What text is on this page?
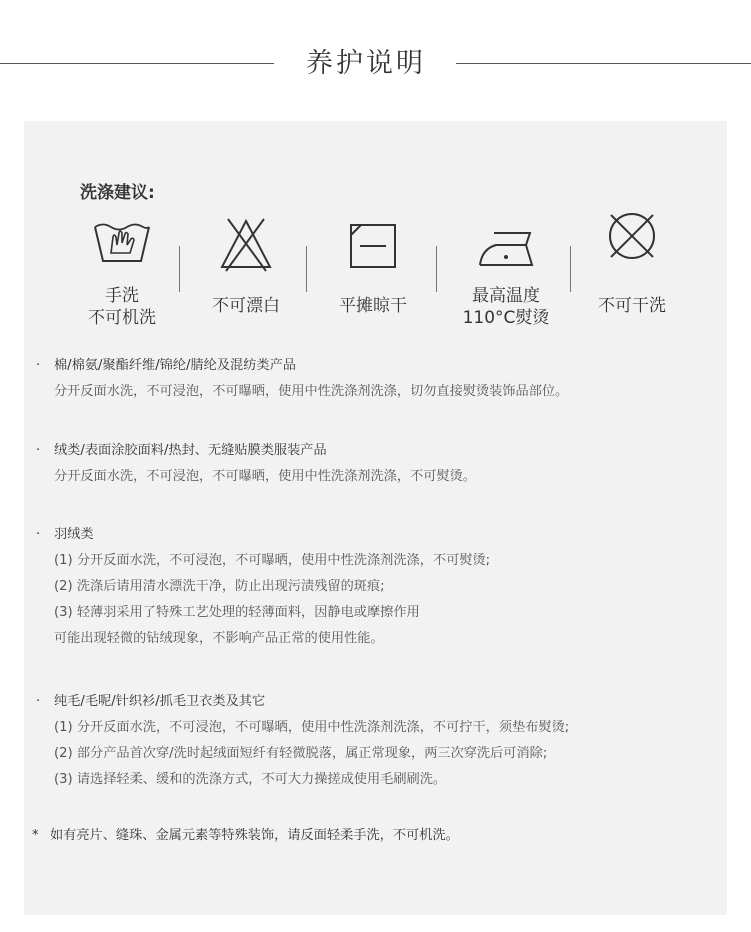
养护说明
洗涤建议:
手洗
不可机洗
不可漂白	平摊晾干	最高温度
110°C熨烫
不可干洗
· 棉/棉氨/聚酯纤维/锦纶/腈纶及混纺类产品
分开反面水洗，不可浸泡，不可曝晒，使用中性洗涤剂洗涤，切勿直接熨烫装饰品部位。
· 绒类/表面涂胶面料/热封、无缝贴膜类服装产品
分开反面水洗，不可浸泡，不可曝晒，使用中性洗涤剂洗涤，不可熨烫。
· 羽绒类
(1) 分开反面水洗，不可浸泡，不可曝晒，使用中性洗涤剂洗涤，不可熨烫;
(2) 洗涤后请用清水漂洗干净，防止出现污渍残留的斑痕;
(3) 轻薄羽采用了特殊工艺处理的轻薄面料，因静电或摩擦作用
可能出现轻微的钻绒现象，不影响产品正常的使用性能。
· 纯毛/毛呢/针织衫/抓毛卫衣类及其它
(1) 分开反面水洗，不可浸泡，不可曝晒，使用中性洗涤剂洗涤，不可拧干，须垫布熨烫;
(2) 部分产品首次穿/洗时起绒面短纤有轻微脱落，属正常现象，两三次穿洗后可消除;
(3) 请选择轻柔、缓和的洗涤方式，不可大力操搓成使用毛刷刷洗。
* 如有亮片、缝珠、金属元素等特殊装饰，请反面轻柔手洗，不可机洗。
